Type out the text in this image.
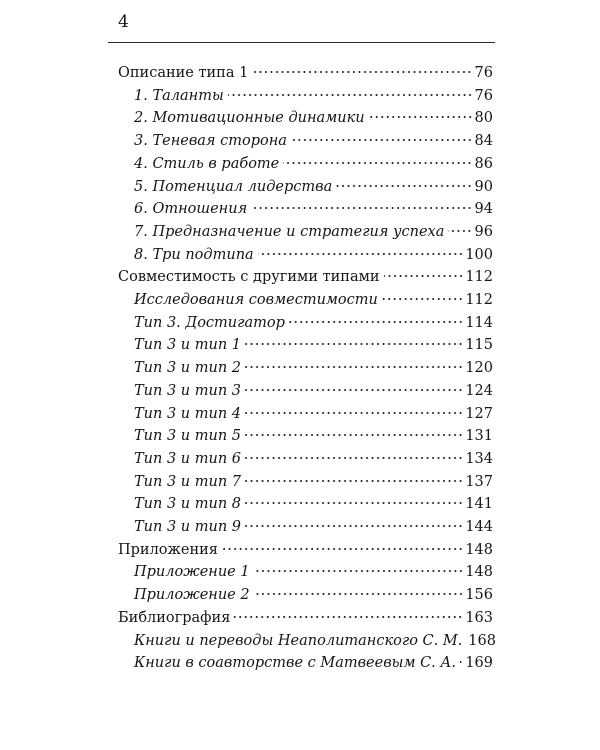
4
Описание типа 1	76
1. Таланты	76
2. Мотивационные динамики	80
3. Теневая сторона	84
4. Стиль в работе	86
5. Потенциал лидерства	90
6. Отношения	94
7. Предназначение и стратегия успеха 96
8. Три подтипа	100
Совместимость с другими типами	112
Исследования совместимости	112
Тип 3. Достигатор	114
Тип 3 и тип 1	115
Тип 3 и тип 2	120
Тип 3 и тип 3	124
Тип 3 и тип 4	127
Тип 3 и тип 5	131
Тип 3 и тип 6	134
Тип 3 и тип 7	137
Тип 3 и тип 8	141
Тип 3 и тип 9	144
Приложения	148
Приложение 1	148
Приложение 2	156
Библиография	163
Книги и переводы Неаполитанского С. М. 168
Книги в соавторстве с Матвеевым С. А. 169
